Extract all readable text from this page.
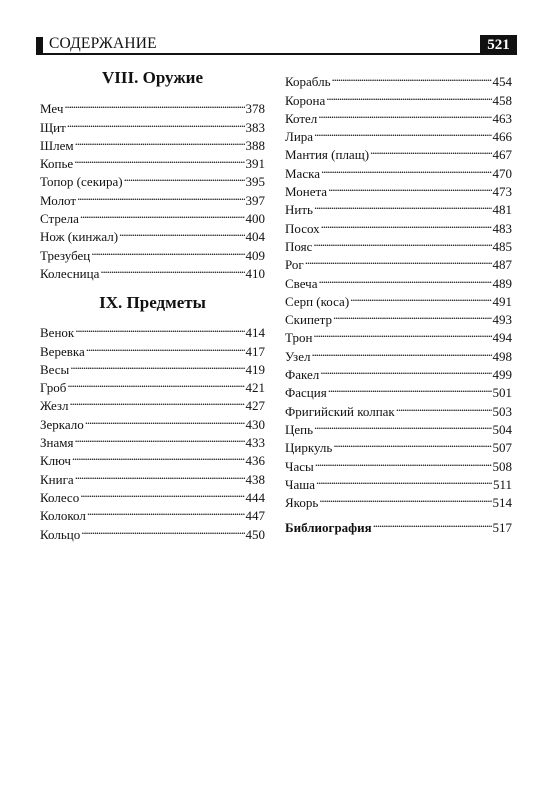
СОДЕРЖАНИЕ	521
VIII. Оружие
Меч . . .	378
Щит . . .	383
Шлем . . .	388
Копье . . .	391
Топор (секира) . . .	395
Молот . . .	397
Стрела . . .	400
Нож (кинжал) . . .	404
Трезубец . . .	409
Колесница . . .	410
IX. Предметы
Венок . . .	414
Веревка . . .	417
Весы . . .	419
Гроб . . .	421
Жезл . . .	427
Зеркало . . .	430
Знамя . . .	433
Ключ . . .	436
Книга . . .	438
Колесо . . .	444
Колокол . . .	447
Кольцо . . .	450
Корабль . . .	454
Корона . . .	458
Котел . . .	463
Лира . . .	466
Мантия (плащ) . . .	467
Маска . . .	470
Монета . . .	473
Нить . . .	481
Посох . . .	483
Пояс . . .	485
Рог . . .	487
Свеча . . .	489
Серп (коса) . . .	491
Скипетр . . .	493
Трон . . .	494
Узел . . .	498
Факел . . .	499
Фасция . . .	501
Фригийский колпак . . .	503
Цепь . . .	504
Циркуль . . .	507
Часы . . .	508
Чаша . . .	511
Якорь . . .	514
Библиография . . .	517
